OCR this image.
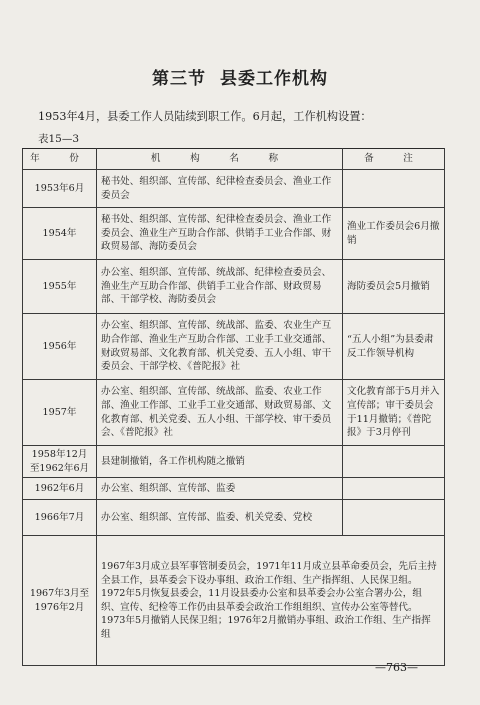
第三节 县委工作机构
1953年4月，县委工作人员陆续到职工作。6月起，工作机构设置：
表15—3
年　份	机　构　名　称	备　注
1953年6月	秘书处、组织部、宣传部、纪律检查委员会、渔业工作委员会	
1954年	秘书处、组织部、宣传部、纪律检查委员会、渔业工作委员会、渔业生产互助合作部、供销手工业合作部、财政贸易部、海防委员会	渔业工作委员会6月撤销
1955年	办公室、组织部、宣传部、统战部、纪律检查委员会、渔业生产互助合作部、供销手工业合作部、财政贸易部、干部学校、海防委员会	海防委员会5月撤销
1956年	办公室、组织部、宣传部、统战部、监委、农业生产互助合作部、渔业生产互助合作部、工业手工业交通部、财政贸易部、文化教育部、机关党委、五人小组、审干委员会、干部学校、《普陀报》社	“五人小组”为县委肃反工作领导机构
1957年	办公室、组织部、宣传部、统战部、监委、农业工作部、渔业工作部、工业手工业交通部、财政贸易部、文化教育部、机关党委、五人小组、干部学校、审干委员会、《普陀报》社	文化教育部于5月并入宣传部；审干委员会于11月撤销；《普陀报》于3月停刊
1958年12月至1962年6月	县建制撤销，各工作机构随之撤销	
1962年6月	办公室、组织部、宣传部、监委	
1966年7月	办公室、组织部、宣传部、监委、机关党委、党校	
1967年3月至1976年2月	1967年3月成立县军事管制委员会，1971年11月成立县革命委员会，先后主持全县工作，县革委会下设办事组、政治工作组、生产指挥组、人民保卫组。1972年5月恢复县委会，11月设县委办公室和县革委会办公室合署办公，组织、宣传、纪检等工作仍由县革委会政治工作组组织、宣传办公室等替代。1973年5月撤销人民保卫组；1976年2月撤销办事组、政治工作组、生产指挥组	
—763—
